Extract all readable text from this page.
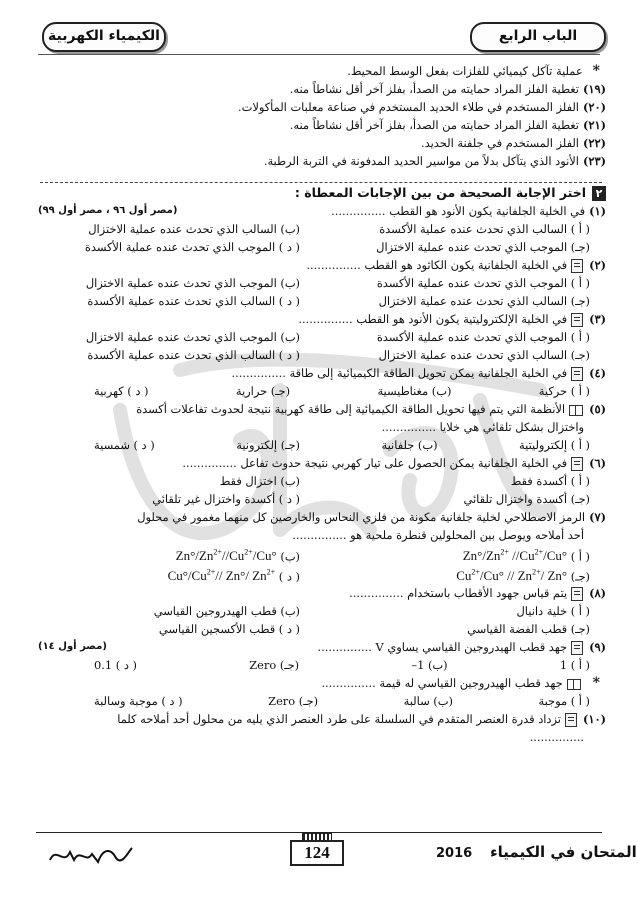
الباب الرابع
الكيمياء الكهربية
*عملية تآكل كيميائي للفلزات بفعل الوسط المحيط.
(١٩)تغطية الفلز المراد حمايته من الصدأ، بفلز آخر أقل نشاطاً منه.
(٢٠)الفلز المستخدم في طلاء الحديد المستخدم في صناعة معلبات المأكولات.
(٢١)تغطية الفلز المراد حمايته من الصدأ، بفلز آخر أقل نشاطاً منه.
(٢٢)الفلز المستخدم في جلفنة الحديد.
(٢٣)الأنود الذي يتآكل بدلاً من مواسير الحديد المدفونة في التربة الرطبة.
٢اختر الإجابة الصحيحة من بين الإجابات المعطاة :
(١)في الخلية الجلفانية يكون الأنود هو القطب ...............
(مصر أول ٩٦ ، مصر أول ٩٩)
( أ ) السالب الذي تحدث عنده عملية الأكسدة
(ب) السالب الذي تحدث عنده عملية الاختزال
(جـ) الموجب الذي تحدث عنده عملية الاختزال
( د ) الموجب الذي تحدث عنده عملية الأكسدة
(٢)في الخلية الجلفانية يكون الكاثود هو القطب ...............
( أ ) الموجب الذي تحدث عنده عملية الأكسدة
(ب) الموجب الذي تحدث عنده عملية الاختزال
(جـ) السالب الذي تحدث عنده عملية الاختزال
( د ) السالب الذي تحدث عنده عملية الأكسدة
(٣)في الخلية الإلكتروليتية يكون الأنود هو القطب ...............
( أ ) الموجب الذي تحدث عنده عملية الأكسدة
(ب) الموجب الذي تحدث عنده عملية الاختزال
(جـ) السالب الذي تحدث عنده عملية الاختزال
( د ) السالب الذي تحدث عنده عملية الأكسدة
(٤)في الخلية الجلفانية يمكن تحويل الطاقة الكيميائية إلى طاقة ...............
( أ ) حركية
(ب) مغناطيسية
(جـ) حرارية
( د ) كهربية
(٥)الأنظمة التي يتم فيها تحويل الطاقة الكيميائية إلى طاقة كهربية نتيجة لحدوث تفاعلات أكسدة
واختزال بشكل تلقائي هي خلايا ...............
( أ ) إلكتروليتية
(ب) جلفانية
(جـ) إلكترونية
( د ) شمسية
(٦)في الخلية الجلفانية يمكن الحصول على تيار كهربي نتيجة حدوث تفاعل ...............
( أ ) أكسدة فقط
(ب) اختزال فقط
(جـ) أكسدة واختزال تلقائي
( د ) أكسدة واختزال غير تلقائي
(٧)الرمز الاصطلاحي لخلية جلفانية مكونة من فلزي النحاس والخارصين كل منهما مغمور في محلول
أحد أملاحه ويوصل بين المحلولين قنطرة ملحية هو ...............
( أ ) $Zn^\circ/Zn^{2+}$ $//Cu^{2+}/Cu^\circ$
(ب) $Zn^\circ/Zn^{2+}//Cu^{2+}/Cu^\circ$
(جـ) $Cu^{2+}/Cu^\circ // Zn^{2+}/$ Zn°
( د ) $Cu^\circ/Cu^{2+}//$ Zn°/ $Zn^{2+}$
(٨)يتم قياس جهود الأقطاب باستخدام ...............
( أ ) خلية دانيال
(ب) قطب الهيدروجين القياسي
(جـ) قطب الفضة القياسي
( د ) قطب الأكسجين القياسي
(٩)جهد قطب الهيدروجين القياسي يساوي V ...............
(مصر أول ١٤)
( أ ) 1
(ب) 1–
(جـ) Zero
( د ) 0.1
*جهد قطب الهيدروجين القياسي له قيمة ...............
( أ ) موجبة
(ب) سالبة
(جـ) Zero
( د ) موجبة وسالبة
(١٠)تزداد قدرة العنصر المتقدم في السلسلة على طرد العنصر الذي يليه من محلول أحد أملاحه كلما
...............
124	2016 المتحان في الكيمياء
